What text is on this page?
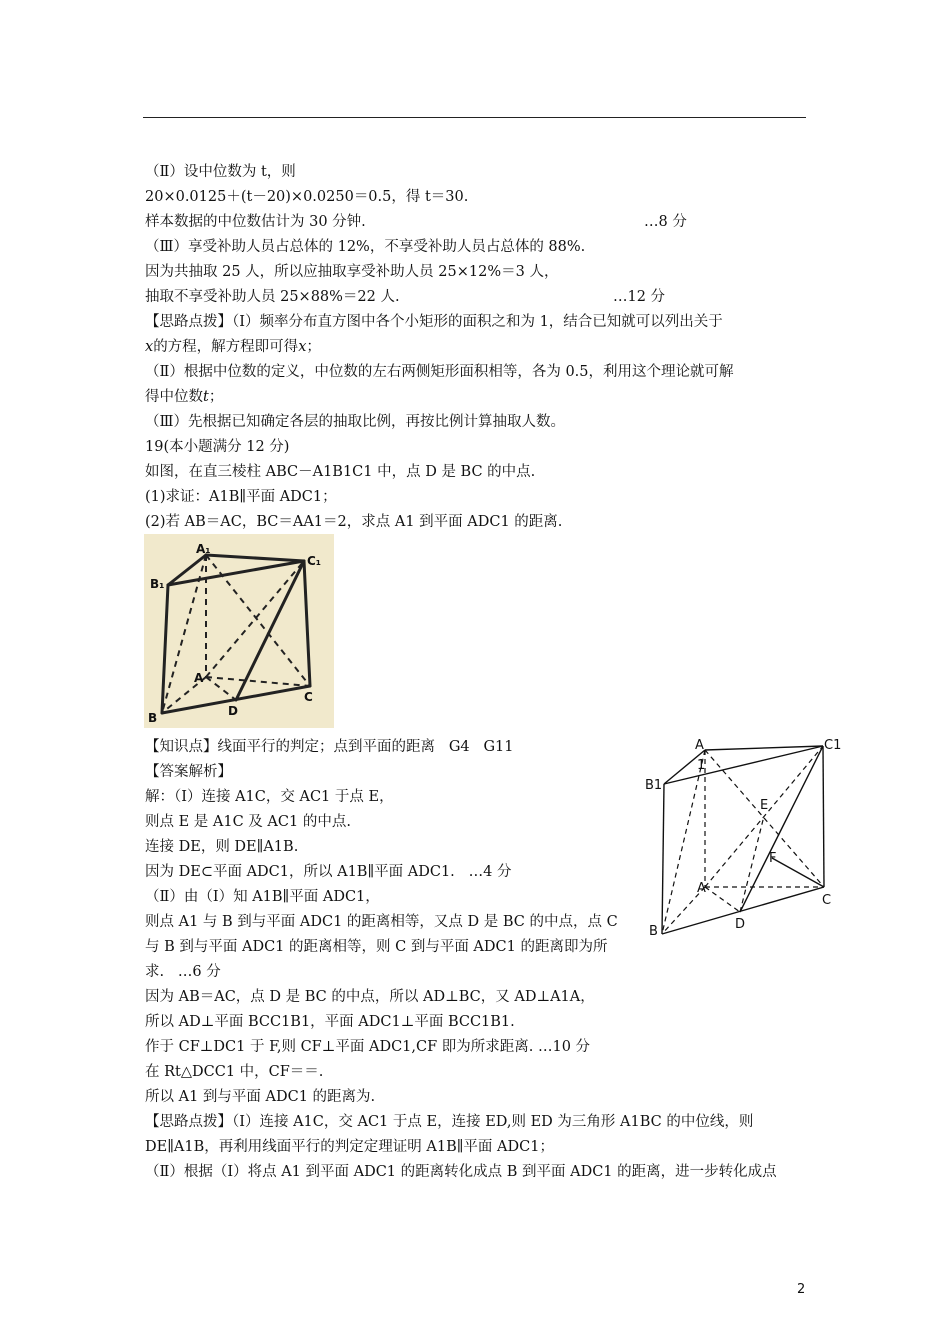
（Ⅱ）设中位数为 t，则
20×0.0125＋(t－20)×0.0250＝0.5，得 t＝30.
样本数据的中位数估计为 30 分钟.	…8 分
（Ⅲ）享受补助人员占总体的 12%，不享受补助人员占总体的 88%.
因为共抽取 25 人，所以应抽取享受补助人员 25×12%＝3 人，
抽取不享受补助人员 25×88%＝22 人.	…12 分
【思路点拨】（Ⅰ）频率分布直方图中各个小矩形的面积之和为 1，结合已知就可以列出关于
x的方程，解方程即可得x；
（Ⅱ）根据中位数的定义，中位数的左右两侧矩形面积相等，各为 0.5，利用这个理论就可解
得中位数t；
（Ⅲ）先根据已知确定各层的抽取比例，再按比例计算抽取人数。
19(本小题满分 12 分)
如图，在直三棱柱 ABC－A1B1C1 中，点 D 是 BC 的中点.
(1)求证：A1B∥平面 ADC1；
(2)若 AB＝AC，BC＝AA1＝2，求点 A1 到平面 ADC1 的距离.
A₁
B₁
C₁
A
C
D
B
【知识点】线面平行的判定；点到平面的距离   G4   G11
【答案解析】
解：（Ⅰ）连接 A1C，交 AC1 于点 E，
则点 E 是 A1C 及 AC1 的中点.
连接 DE，则 DE∥A1B.
因为 DE⊂平面 ADC1，所以 A1B∥平面 ADC1.   …4 分
（Ⅱ）由（Ⅰ）知 A1B∥平面 ADC1，
则点 A1 与 B 到与平面 ADC1 的距离相等，又点 D 是 BC 的中点，点 C
与 B 到与平面 ADC1 的距离相等，则 C 到与平面 ADC1 的距离即为所
求.   …6 分
因为 AB＝AC，点 D 是 BC 的中点，所以 AD⊥BC，又 AD⊥A1A，
所以 AD⊥平面 BCC1B1，平面 ADC1⊥平面 BCC1B1.
作于 CF⊥DC1 于 F,则 CF⊥平面 ADC1,CF 即为所求距离. …10 分
在 Rt△DCC1 中，CF＝＝.
所以 A1 到与平面 ADC1 的距离为.
【思路点拨】（Ⅰ）连接 A1C，交 AC1 于点 E，连接 ED,则 ED 为三角形 A1BC 的中位线，则
DE∥A1B，再利用线面平行的判定定理证明 A1B∥平面 ADC1；
（Ⅱ）根据（Ⅰ）将点 A1 到平面 ADC1 的距离转化成点 B 到平面 ADC1 的距离，进一步转化成点
A
1
C1
B1
E
F
A
C
B	D
2
